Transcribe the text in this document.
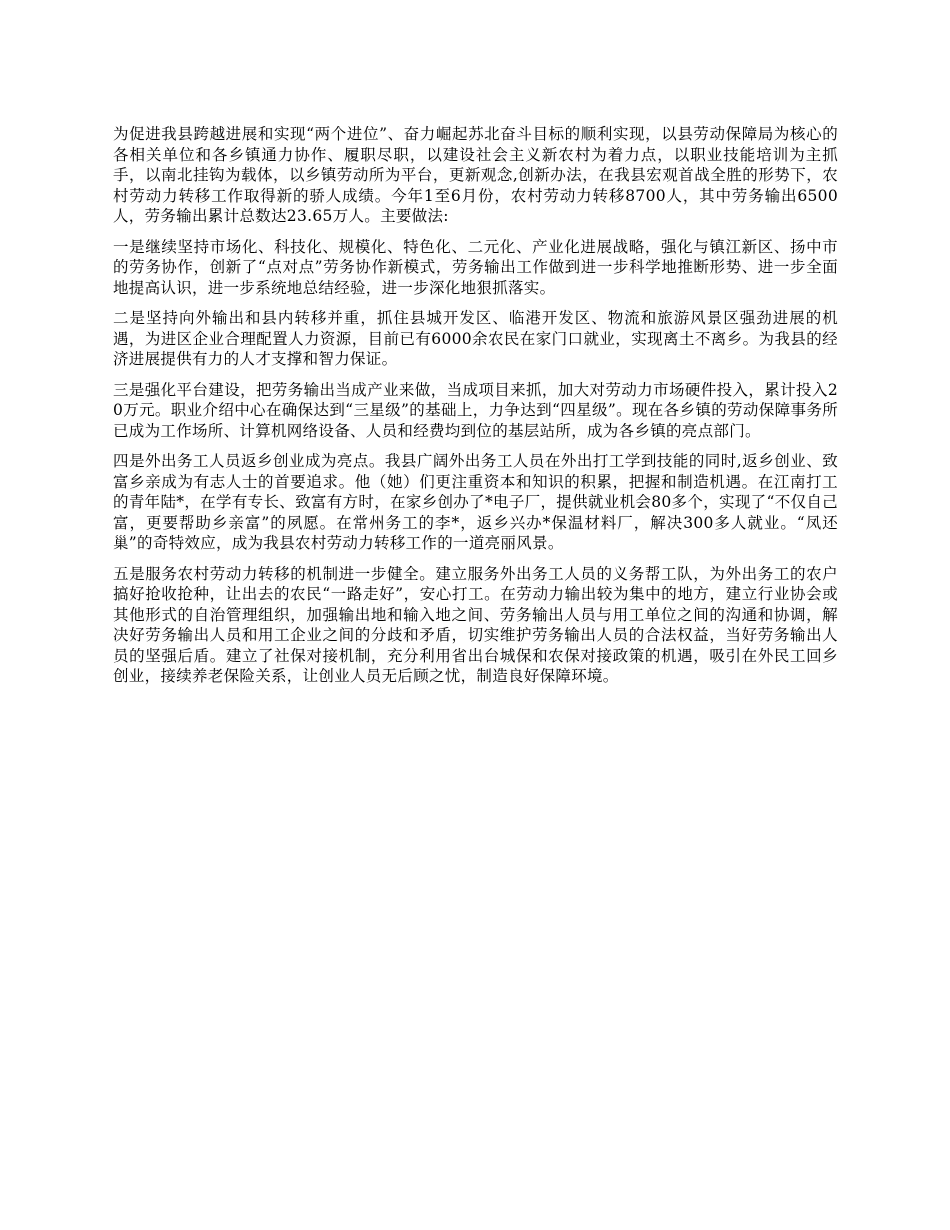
为促进我县跨越进展和实现“两个进位”、奋力崛起苏北奋斗目标的顺利实现，以县劳动保障局为核心的各相关单位和各乡镇通力协作、履职尽职，以建设社会主义新农村为着力点，以职业技能培训为主抓手，以南北挂钩为载体，以乡镇劳动所为平台，更新观念,创新办法，在我县宏观首战全胜的形势下，农村劳动力转移工作取得新的骄人成绩。今年1至6月份，农村劳动力转移8700人，其中劳务输出6500人，劳务输出累计总数达23.65万人。主要做法:

一是继续坚持市场化、科技化、规模化、特色化、二元化、产业化进展战略，强化与镇江新区、扬中市的劳务协作，创新了“点对点”劳务协作新模式，劳务输出工作做到进一步科学地推断形势、进一步全面地提高认识，进一步系统地总结经验，进一步深化地狠抓落实。

二是坚持向外输出和县内转移并重，抓住县城开发区、临港开发区、物流和旅游风景区强劲进展的机遇，为进区企业合理配置人力资源，目前已有6000余农民在家门口就业，实现离土不离乡。为我县的经济进展提供有力的人才支撑和智力保证。

三是强化平台建设，把劳务输出当成产业来做，当成项目来抓，加大对劳动力市场硬件投入，累计投入20万元。职业介绍中心在确保达到“三星级”的基础上，力争达到“四星级”。现在各乡镇的劳动保障事务所已成为工作场所、计算机网络设备、人员和经费均到位的基层站所，成为各乡镇的亮点部门。

四是外出务工人员返乡创业成为亮点。我县广阔外出务工人员在外出打工学到技能的同时,返乡创业、致富乡亲成为有志人士的首要追求。他（她）们更注重资本和知识的积累，把握和制造机遇。在江南打工的青年陆*，在学有专长、致富有方时，在家乡创办了*电子厂，提供就业机会80多个，实现了“不仅自己富，更要帮助乡亲富”的夙愿。在常州务工的李*，返乡兴办*保温材料厂，解决300多人就业。“凤还巢”的奇特效应，成为我县农村劳动力转移工作的一道亮丽风景。

五是服务农村劳动力转移的机制进一步健全。建立服务外出务工人员的义务帮工队，为外出务工的农户搞好抢收抢种，让出去的农民“一路走好”，安心打工。在劳动力输出较为集中的地方，建立行业协会或其他形式的自治管理组织，加强输出地和输入地之间、劳务输出人员与用工单位之间的沟通和协调，解决好劳务输出人员和用工企业之间的分歧和矛盾，切实维护劳务输出人员的合法权益，当好劳务输出人员的坚强后盾。建立了社保对接机制，充分利用省出台城保和农保对接政策的机遇，吸引在外民工回乡创业，接续养老保险关系，让创业人员无后顾之忧，制造良好保障环境。
